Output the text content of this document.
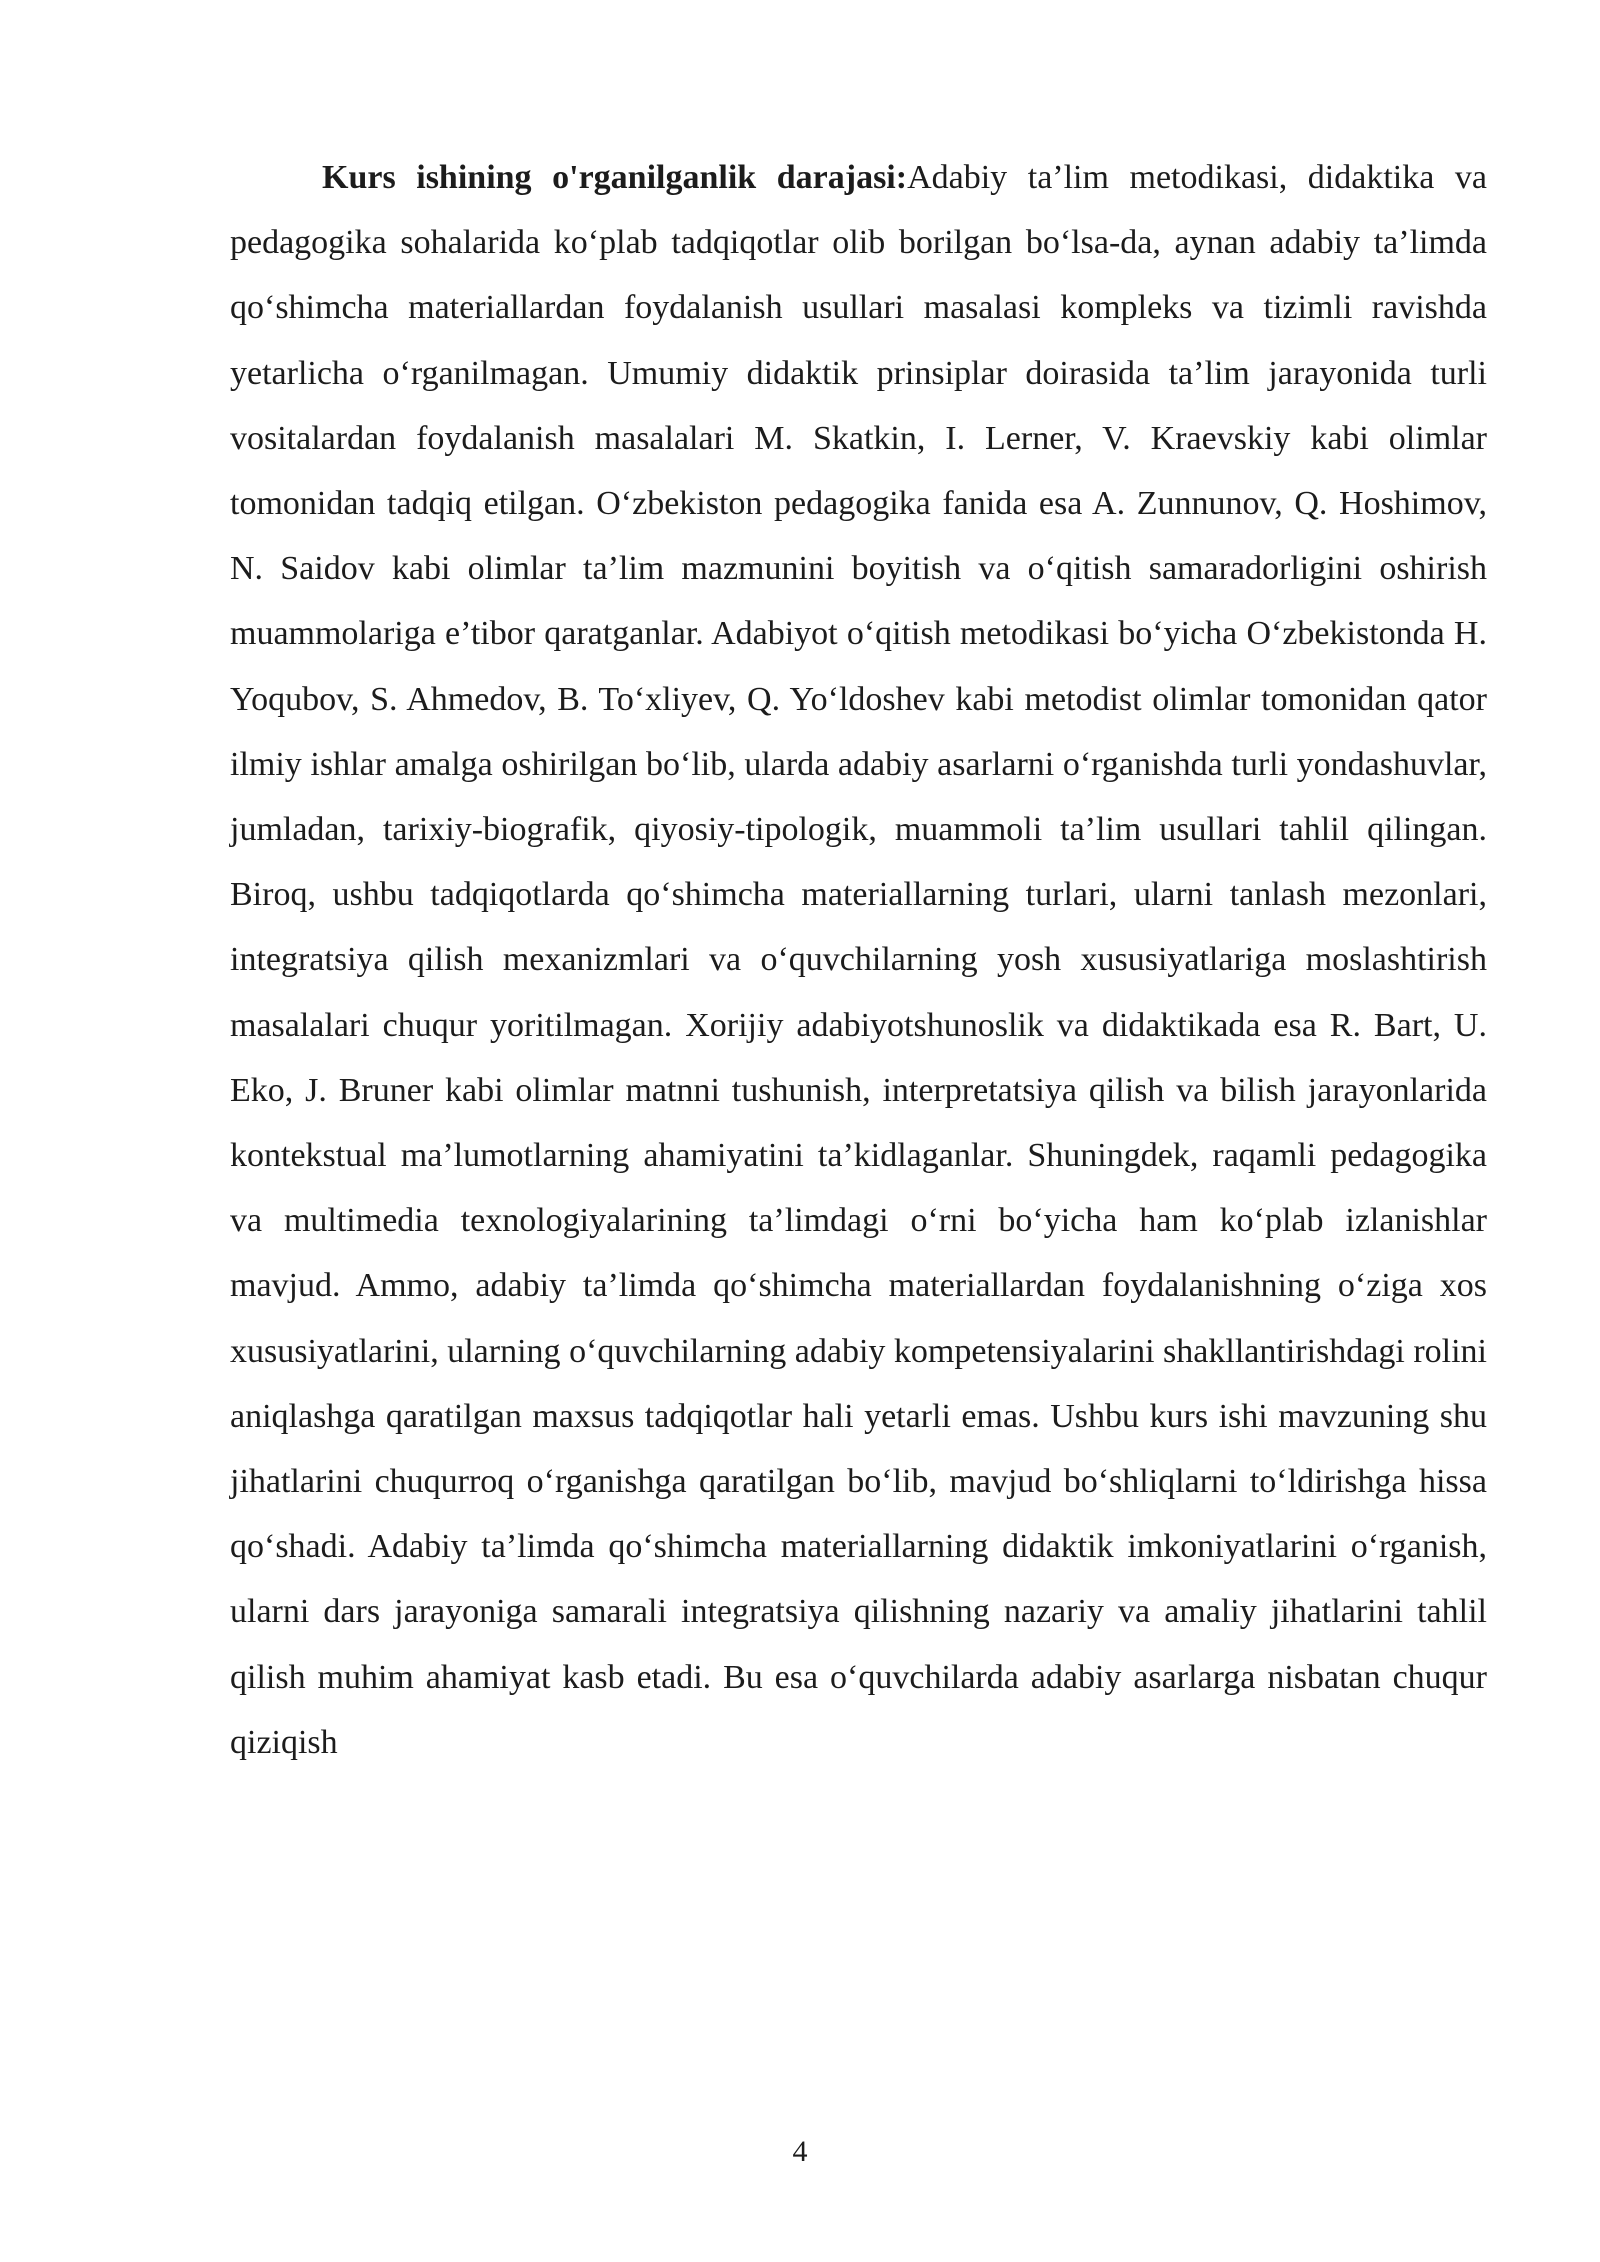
Kurs ishining o'rganilganlik darajasi:Adabiy ta’lim metodikasi, didaktika va pedagogika sohalarida ko‘plab tadqiqotlar olib borilgan bo‘lsa-da, aynan adabiy ta’limda qo‘shimcha materiallardan foydalanish usullari masalasi kompleks va tizimli ravishda yetarlicha o‘rganilmagan. Umumiy didaktik prinsiplar doirasida ta’lim jarayonida turli vositalardan foydalanish masalalari M. Skatkin, I. Lerner, V. Kraevskiy kabi olimlar tomonidan tadqiq etilgan. O‘zbekiston pedagogika fanida esa A. Zunnunov, Q. Hoshimov, N. Saidov kabi olimlar ta’lim mazmunini boyitish va o‘qitish samaradorligini oshirish muammolariga e’tibor qaratganlar. Adabiyot o‘qitish metodikasi bo‘yicha O‘zbekistonda H. Yoqubov, S. Ahmedov, B. To‘xliyev, Q. Yo‘ldoshev kabi metodist olimlar tomonidan qator ilmiy ishlar amalga oshirilgan bo‘lib, ularda adabiy asarlarni o‘rganishda turli yondashuvlar, jumladan, tarixiy-biografik, qiyosiy-tipologik, muammoli ta’lim usullari tahlil qilingan. Biroq, ushbu tadqiqotlarda qo‘shimcha materiallarning turlari, ularni tanlash mezonlari, integratsiya qilish mexanizmlari va o‘quvchilarning yosh xususiyatlariga moslashtirish masalalari chuqur yoritilmagan. Xorijiy adabiyotshunoslik va didaktikada esa R. Bart, U. Eko, J. Bruner kabi olimlar matnni tushunish, interpretatsiya qilish va bilish jarayonlarida kontekstual ma’lumotlarning ahamiyatini ta’kidlaganlar. Shuningdek, raqamli pedagogika va multimedia texnologiyalarining ta’limdagi o‘rni bo‘yicha ham ko‘plab izlanishlar mavjud. Ammo, adabiy ta’limda qo‘shimcha materiallardan foydalanishning o‘ziga xos xususiyatlarini, ularning o‘quvchilarning adabiy kompetensiyalarini shakllantirishdagi rolini aniqlashga qaratilgan maxsus tadqiqotlar hali yetarli emas. Ushbu kurs ishi mavzuning shu jihatlarini chuqurroq o‘rganishga qaratilgan bo‘lib, mavjud bo‘shliqlarni to‘ldirishga hissa qo‘shadi. Adabiy ta’limda qo‘shimcha materiallarning didaktik imkoniyatlarini o‘rganish, ularni dars jarayoniga samarali integratsiya qilishning nazariy va amaliy jihatlarini tahlil qilish muhim ahamiyat kasb etadi. Bu esa o‘quvchilarda adabiy asarlarga nisbatan chuqur qiziqish

4
